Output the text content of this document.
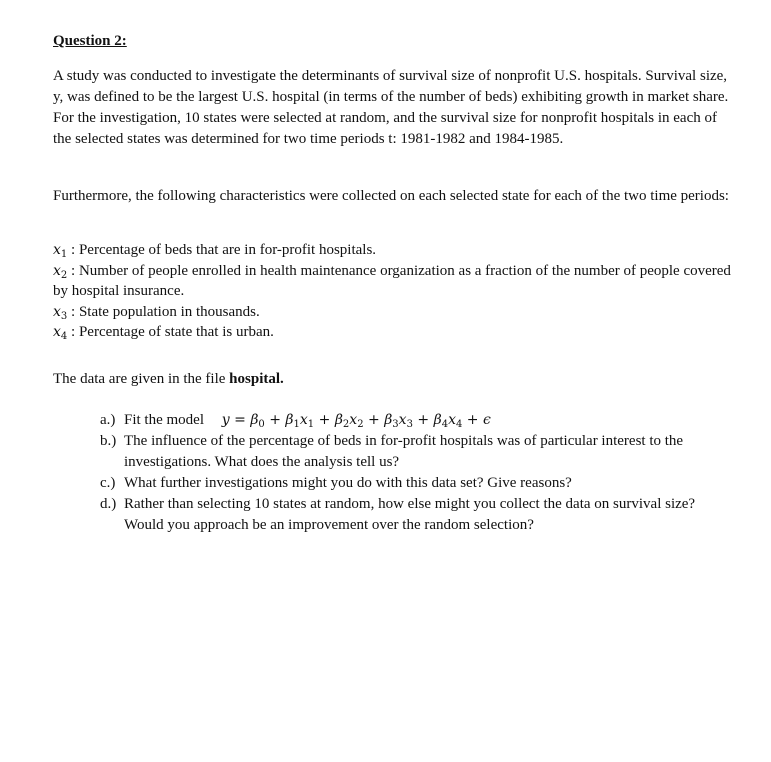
Question 2:
A study was conducted to investigate the determinants of survival size of nonprofit U.S. hospitals. Survival size, y, was defined to be the largest U.S. hospital (in terms of the number of beds) exhibiting growth in market share. For the investigation, 10 states were selected at random, and the survival size for nonprofit hospitals in each of the selected states was determined for two time periods t: 1981-1982 and 1984-1985.
Furthermore, the following characteristics were collected on each selected state for each of the two time periods:
$x_1$ : Percentage of beds that are in for-profit hospitals.
$x_2$ : Number of people enrolled in health maintenance organization as a fraction of the number of people covered by hospital insurance.
$x_3$ : State population in thousands.
$x_4$ : Percentage of state that is urban.
The data are given in the file hospital.
a.) Fit the model $y = \beta_0 + \beta_1x_1 + \beta_2x_2 + \beta_3x_3 + \beta_4x_4 + \epsilon$
b.) The influence of the percentage of beds in for-profit hospitals was of particular interest to the investigations. What does the analysis tell us?
c.) What further investigations might you do with this data set? Give reasons?
d.) Rather than selecting 10 states at random, how else might you collect the data on survival size? Would you approach be an improvement over the random selection?
